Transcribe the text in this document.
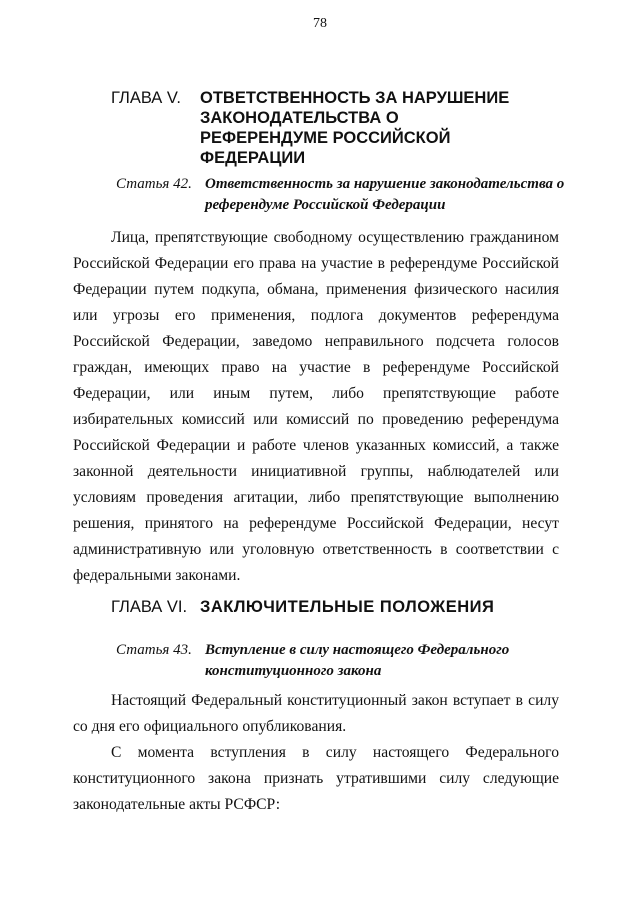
78
ГЛАВА V.	ОТВЕТСТВЕННОСТЬ ЗА НАРУШЕНИЕ ЗАКОНОДАТЕЛЬСТВА О РЕФЕРЕНДУМЕ РОССИЙСКОЙ ФЕДЕРАЦИИ
Статья 42. Ответственность за нарушение законодательства о референдуме Российской Федерации

Лица, препятствующие свободному осуществлению гражданином Российской Федерации его права на участие в референдуме Российской Федерации путем подкупа, обмана, применения физического насилия или угрозы его применения, подлога документов референдума Российской Федерации, заведомо неправильного подсчета голосов граждан, имеющих право на участие в референдуме Российской Федерации, или иным путем, либо препятствующие работе избирательных комиссий или комиссий по проведению референдума Российской Федерации и работе членов указанных комиссий, а также законной деятельности инициативной группы, наблюдателей или условиям проведения агитации, либо препятствующие выполнению решения, принятого на референдуме Российской Федерации, несут административную или уголовную ответственность в соответствии с федеральными законами.

ГЛАВА VI. ЗАКЛЮЧИТЕЛЬНЫЕ ПОЛОЖЕНИЯ
Статья 43. Вступление в силу настоящего Федерального конституционного закона

Настоящий Федеральный конституционный закон вступает в силу со дня его официального опубликования.

С момента вступления в силу настоящего Федерального конституционного закона признать утратившими силу следующие законодательные акты РСФСР:
